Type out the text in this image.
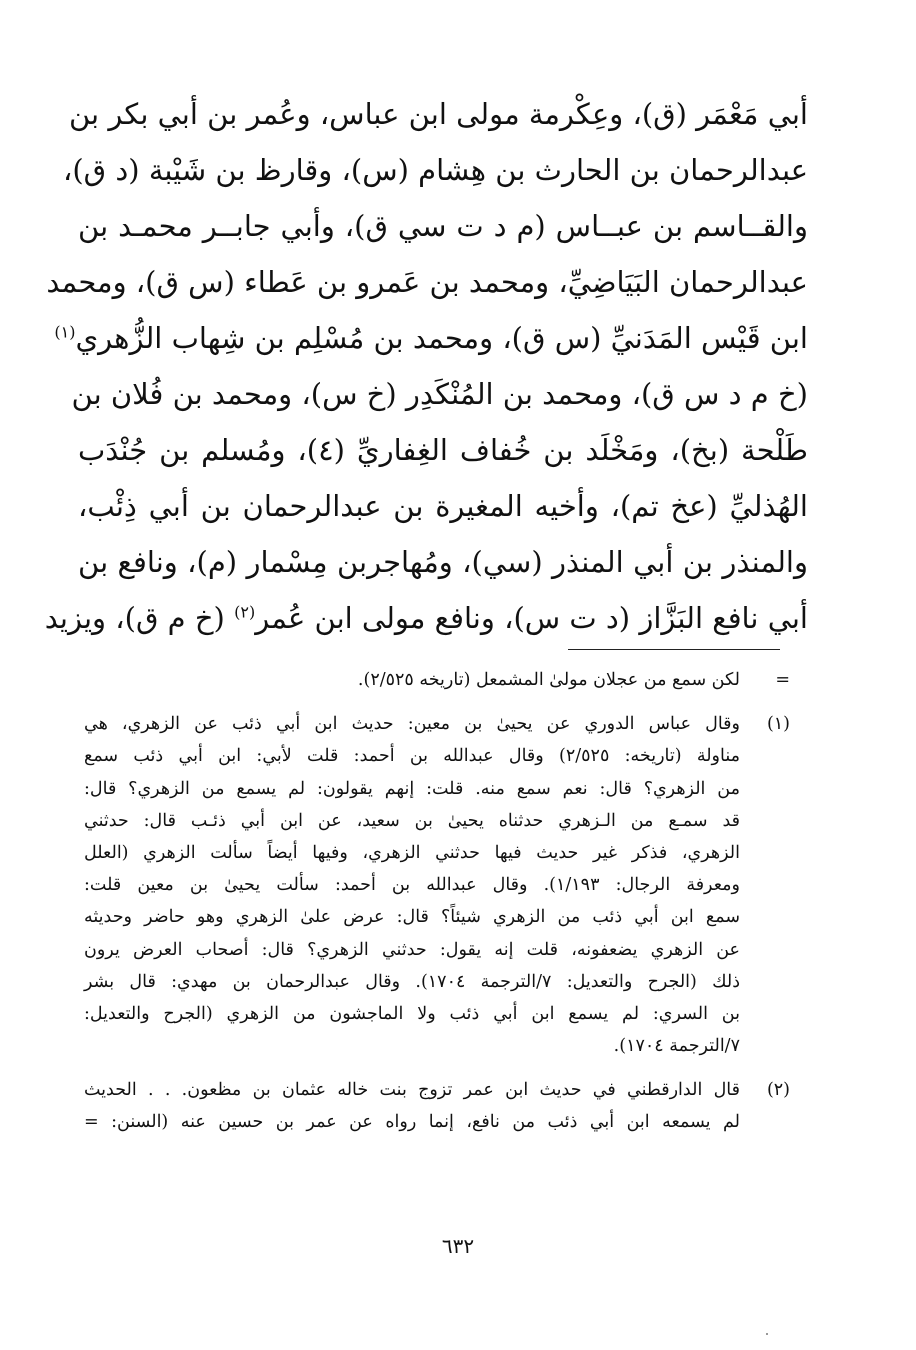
أبي مَعْمَر (ق)، وعِكْرمة مولى ابن عباس، وعُمر بن أبي بكر بن
عبدالرحمان بن الحارث بن هِشام (س)، وقارظ بن شَيْبة (د ق)،
والقــاسم بن عبــاس (م د ت سي ق)، وأبي جابــر محمـد بن
عبدالرحمان البَيَاضِيِّ، ومحمد بن عَمرو بن عَطاء (س ق)، ومحمد
ابن قَيْس المَدَنيِّ (س ق)، ومحمد بن مُسْلِم بن شِهاب الزُّهري$^{(١)}$
(خ م د س ق)، ومحمد بن المُنْكَدِر (خ س)، ومحمد بن فُلان بن
طَلْحة (بخ)، ومَخْلَد بن خُفاف الغِفاريِّ (٤)، ومُسلم بن جُنْدَب
الهُذليِّ (عخ تم)، وأخيه المغيرة بن عبدالرحمان بن أبي ذِئْب،
والمنذر بن أبي المنذر (سي)، ومُهاجربن مِسْمار (م)، ونافع بن
أبي نافع البَزَّاز (د ت س)، ونافع مولى ابن عُمر$^{(٢)}$ (خ م ق)، ويزيد
=
لكن سمع من عجلان مولىٰ المشمعل (تاريخه ٢/٥٢٥).
(١)
وقال عباس الدوري عن يحيىٰ بن معين: حديث ابن أبي ذئب عن الزهري، هي
مناولة (تاريخه: ٢/٥٢٥) وقال عبدالله بن أحمد: قلت لأبي: ابن أبي ذئب سمع
من الزهري؟ قال: نعم سمع منه. قلت: إنهم يقولون: لم يسمع من الزهري؟ قال:
قد سمـع من الـزهري حدثناه يحيىٰ بن سعيد، عن ابن أبي ذئـب قال: حدثني
الزهري، فذكر غير حديث فيها حدثني الزهري، وفيها أيضاً سألت الزهري (العلل
ومعرفة الرجال: ١/١٩٣). وقال عبدالله بن أحمد: سألت يحيىٰ بن معين قلت:
سمع ابن أبي ذئب من الزهري شيئاً؟ قال: عرض علىٰ الزهري وهو حاضر وحديثه
عن الزهري يضعفونه، قلت إنه يقول: حدثني الزهري؟ قال: أصحاب العرض يرون
ذلك (الجرح والتعديل: ٧/الترجمة ١٧٠٤). وقال عبدالرحمان بن مهدي: قال بشر
بن السري: لم يسمع ابن أبي ذئب ولا الماجشون من الزهري (الجرح والتعديل:
٧/الترجمة ١٧٠٤).
(٢)
قال الدارقطني في حديث ابن عمر تزوج بنت خاله عثمان بن مظعون. . . الحديث
لم يسمعه ابن أبي ذئب من نافع، إنما رواه عن عمر بن حسين عنه (السنن: =
٦٣٢
